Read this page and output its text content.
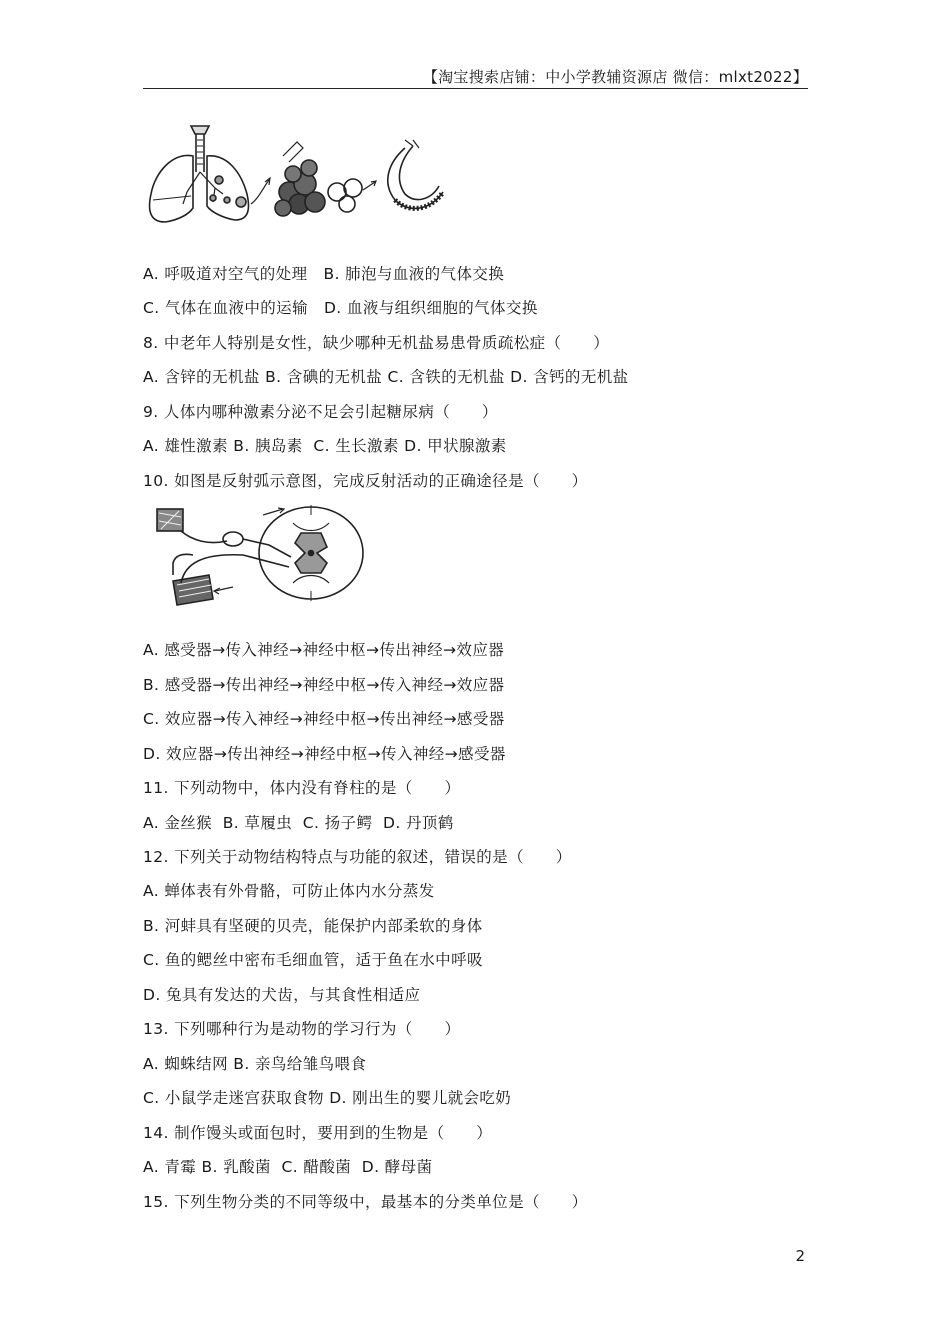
【淘宝搜索店铺：中小学教辅资源店 微信：mlxt2022】
A. 呼吸道对空气的处理   B. 肺泡与血液的气体交换
C. 气体在血液中的运输   D. 血液与组织细胞的气体交换
8. 中老年人特别是女性，缺少哪种无机盐易患骨质疏松症（　　）
A. 含锌的无机盐 B. 含碘的无机盐 C. 含铁的无机盐 D. 含钙的无机盐
9. 人体内哪种激素分泌不足会引起糖尿病（　　）
A. 雄性激素 B. 胰岛素  C. 生长激素 D. 甲状腺激素
10. 如图是反射弧示意图，完成反射活动的正确途径是（　　）
A. 感受器→传入神经→神经中枢→传出神经→效应器
B. 感受器→传出神经→神经中枢→传入神经→效应器
C. 效应器→传入神经→神经中枢→传出神经→感受器
D. 效应器→传出神经→神经中枢→传入神经→感受器
11. 下列动物中，体内没有脊柱的是（　　）
A. 金丝猴  B. 草履虫  C. 扬子鳄  D. 丹顶鹤
12. 下列关于动物结构特点与功能的叙述，错误的是（　　）
A. 蝉体表有外骨骼，可防止体内水分蒸发
B. 河蚌具有坚硬的贝壳，能保护内部柔软的身体
C. 鱼的鳃丝中密布毛细血管，适于鱼在水中呼吸
D. 兔具有发达的犬齿，与其食性相适应
13. 下列哪种行为是动物的学习行为（　　）
A. 蜘蛛结网 B. 亲鸟给雏鸟喂食
C. 小鼠学走迷宫获取食物 D. 刚出生的婴儿就会吃奶
14. 制作馒头或面包时，要用到的生物是（　　）
A. 青霉 B. 乳酸菌  C. 醋酸菌  D. 酵母菌
15. 下列生物分类的不同等级中，最基本的分类单位是（　　）
2
